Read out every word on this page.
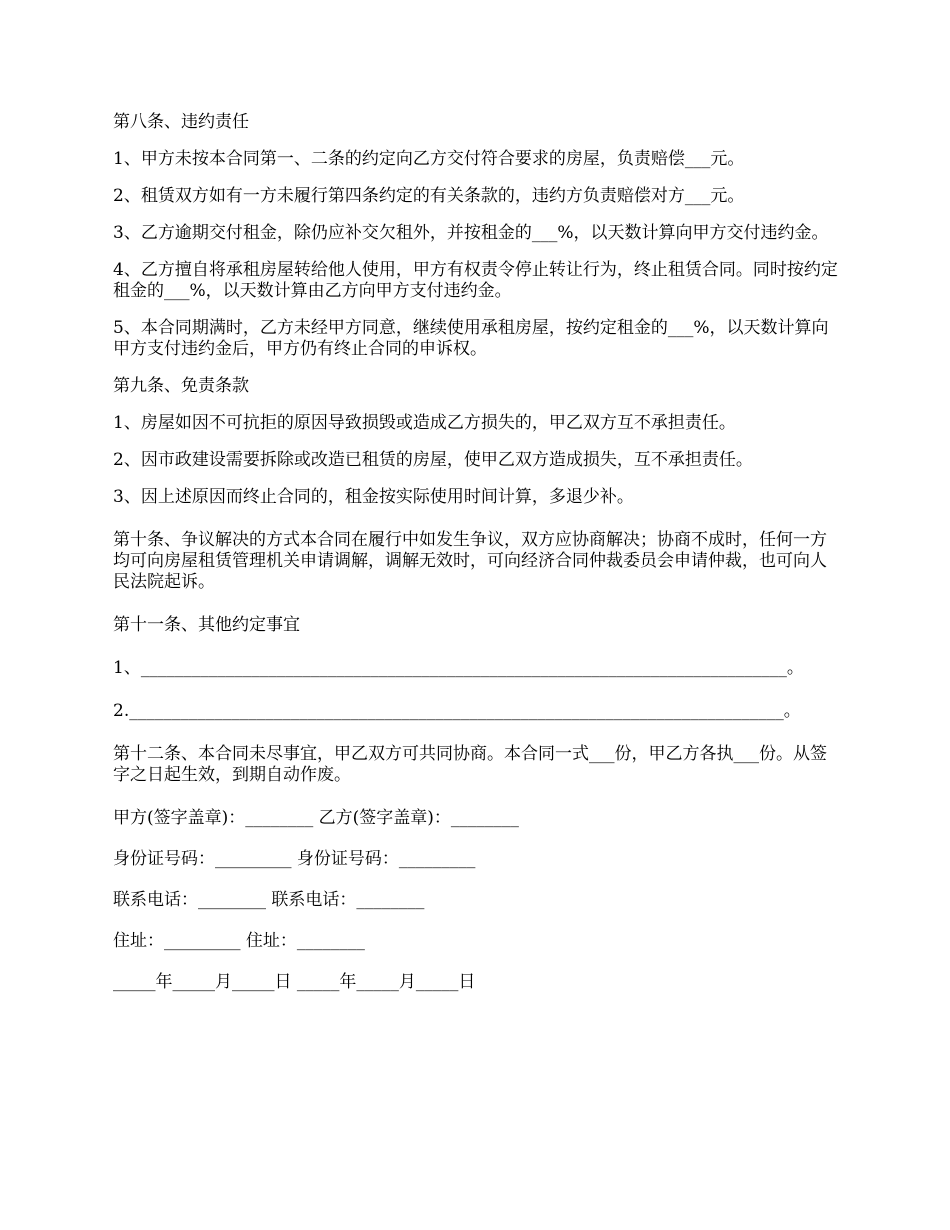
第八条、违约责任

1、甲方未按本合同第一、二条的约定向乙方交付符合要求的房屋，负责赔偿___元。

2、租赁双方如有一方未履行第四条约定的有关条款的，违约方负责赔偿对方___元。

3、乙方逾期交付租金，除仍应补交欠租外，并按租金的___%，以天数计算向甲方交付违约金。

4、乙方擅自将承租房屋转给他人使用，甲方有权责令停止转让行为，终止租赁合同。同时按约定租金的___%，以天数计算由乙方向甲方支付违约金。

5、本合同期满时，乙方未经甲方同意，继续使用承租房屋，按约定租金的___%，以天数计算向甲方支付违约金后，甲方仍有终止合同的申诉权。

第九条、免责条款

1、房屋如因不可抗拒的原因导致损毁或造成乙方损失的，甲乙双方互不承担责任。

2、因市政建设需要拆除或改造已租赁的房屋，使甲乙双方造成损失，互不承担责任。

3、因上述原因而终止合同的，租金按实际使用时间计算，多退少补。

第十条、争议解决的方式本合同在履行中如发生争议，双方应协商解决；协商不成时，任何一方均可向房屋租赁管理机关申请调解，调解无效时，可向经济合同仲裁委员会申请仲裁，也可向人民法院起诉。

第十一条、其他约定事宜

1、____________________________________________________________________________。

2._____________________________________________________________________________。

第十二条、本合同未尽事宜，甲乙双方可共同协商。本合同一式___份，甲乙方各执___份。从签字之日起生效，到期自动作废。

甲方(签字盖章)：________ 乙方(签字盖章)：________

身份证号码：_________ 身份证号码：_________

联系电话：________ 联系电话：________

住址：_________ 住址：________

_____年_____月_____日 _____年_____月_____日
